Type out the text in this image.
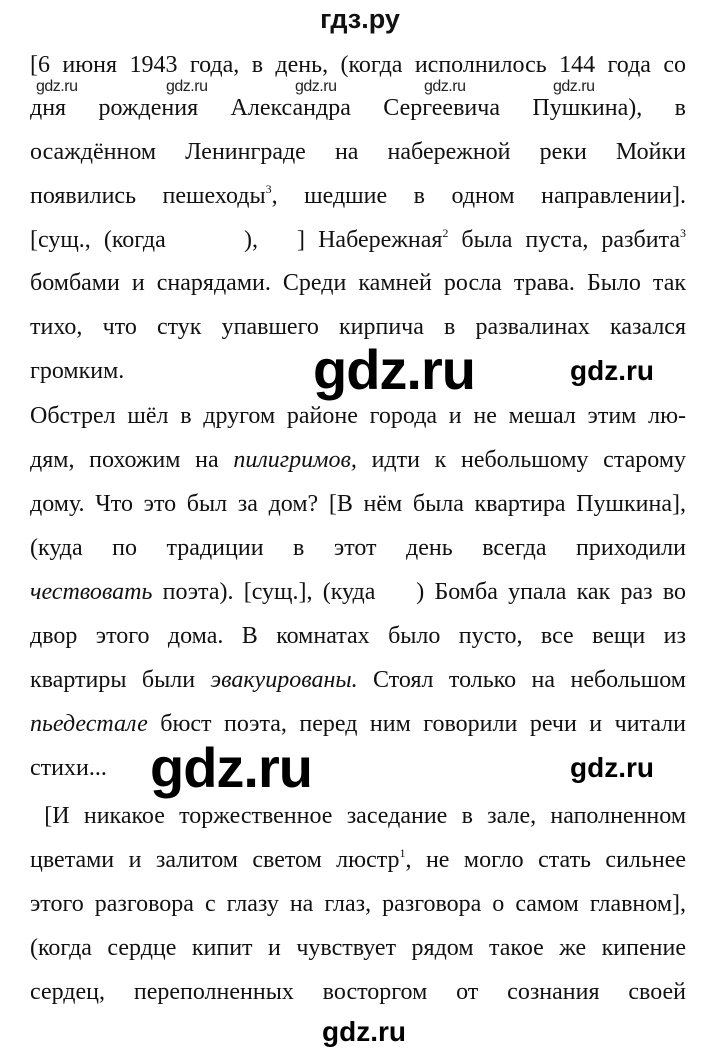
гдз.ру
[6 июня 1943 года, в день, (когда исполнилось 144 года со
дня рождения Александра Сергеевича Пушкина), в
осаждённом Ленинграде на набережной реки Мойки
появились пешеходы$^3$, шедшие в одном направлении].
[сущ., (когда      ),   ] Набережная$^2$ была пуста, разбита$^3$
бомбами и снарядами. Среди камней росла трава. Было так
тихо, что стук упавшего кирпича в развалинах казался
громким.
Обстрел шёл в другом районе города и не мешал этим лю-
дям, похожим на пилигримов, идти к небольшому старому
дому. Что это был за дом? [В нём была квартира Пушкина],
(куда по традиции в этот день всегда приходили
чествовать поэта). [сущ.], (куда    ) Бомба упала как раз во
двор этого дома. В комнатах было пусто, все вещи из
квартиры были эвакуированы. Стоял только на небольшом
пьедестале бюст поэта, перед ним говорили речи и читали
стихи...
[И никакое торжественное заседание в зале, наполненном
цветами и залитом светом люстр$^1$, не могло стать сильнее
этого разговора с глазу на глаз, разговора о самом главном],
(когда сердце кипит и чувствует рядом такое же кипение
сердец, переполненных восторгом от сознания своей
gdz.ru	gdz.ru	gdz.ru	gdz.ru	gdz.ru
gdz.ru	gdz.ru
gdz.ru	gdz.ru
gdz.ru
